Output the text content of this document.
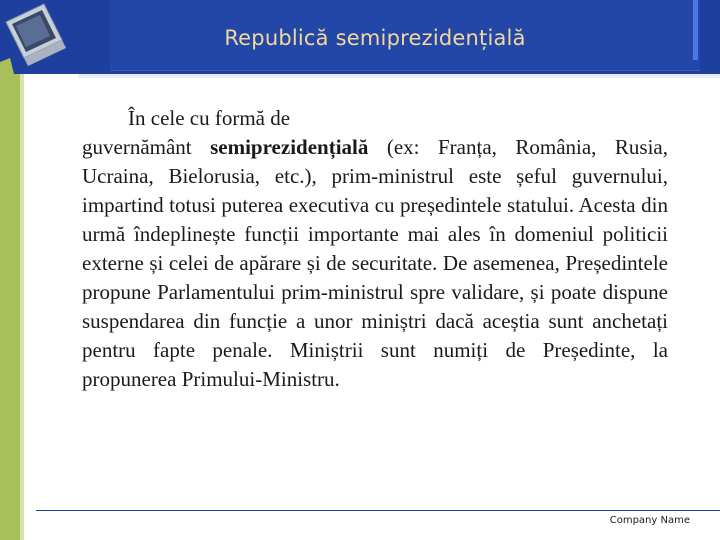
Republică semiprezidențială
În cele cu formă de

guvernământ semiprezidențială (ex: Franța, România, Rusia, Ucraina, Bielorusia, etc.), prim-ministrul este șeful guvernului, impartind totusi puterea executiva cu președintele statului. Acesta din urmă îndeplinește funcții importante mai ales în domeniul politicii externe și celei de apărare și de securitate. De asemenea, Președintele propune Parlamentului prim-ministrul spre validare, și poate dispune suspendarea din funcție a unor miniștri dacă aceștia sunt anchetați pentru fapte penale. Miniștrii sunt numiți de Președinte, la propunerea Primului-Ministru.

Company Name
